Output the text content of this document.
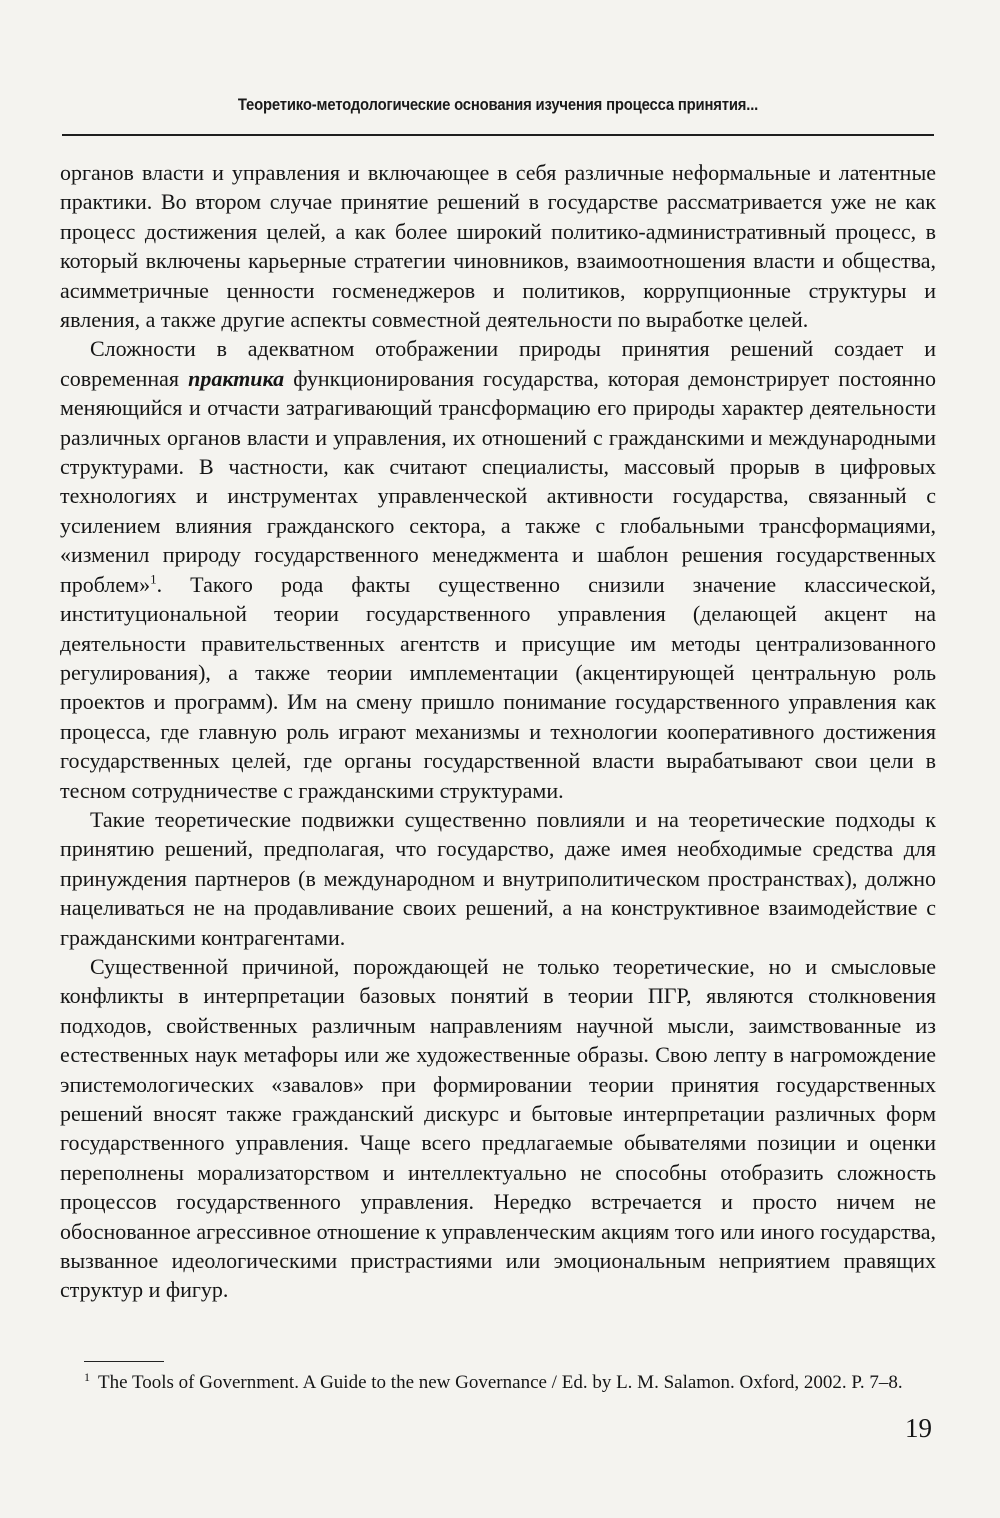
Теоретико-методологические основания изучения процесса принятия...

органов власти и управления и включающее в себя различные неформальные и латентные практики. Во втором случае принятие решений в государстве рассматривается уже не как процесс достижения целей, а как более широкий политико-административный процесс, в который включены карьерные стратегии чиновников, взаимоотношения власти и общества, асимметричные ценности госменеджеров и политиков, коррупционные структуры и явления, а также другие аспекты совместной деятельности по выработке целей.

Сложности в адекватном отображении природы принятия решений создает и современная практика функционирования государства, которая демонстрирует постоянно меняющийся и отчасти затрагивающий трансформацию его природы характер деятельности различных органов власти и управления, их отношений с гражданскими и международными структурами. В частности, как считают специалисты, массовый прорыв в цифровых технологиях и инструментах управленческой активности государства, связанный с усилением влияния гражданского сектора, а также с глобальными трансформациями, «изменил природу государственного менеджмента и шаблон решения государственных проблем»$^1$. Такого рода факты существенно снизили значение классической, институциональной теории государственного управления (делающей акцент на деятельности правительственных агентств и присущие им методы централизованного регулирования), а также теории имплементации (акцентирующей центральную роль проектов и программ). Им на смену пришло понимание государственного управления как процесса, где главную роль играют механизмы и технологии кооперативного достижения государственных целей, где органы государственной власти вырабатывают свои цели в тесном сотрудничестве с гражданскими структурами.

Такие теоретические подвижки существенно повлияли и на теоретические подходы к принятию решений, предполагая, что государство, даже имея необходимые средства для принуждения партнеров (в международном и внутриполитическом пространствах), должно нацеливаться не на продавливание своих решений, а на конструктивное взаимодействие с гражданскими контрагентами.

Существенной причиной, порождающей не только теоретические, но и смысловые конфликты в интерпретации базовых понятий в теории ПГР, являются столкновения подходов, свойственных различным направлениям научной мысли, заимствованные из естественных наук метафоры или же художественные образы. Свою лепту в нагромождение эпистемологических «завалов» при формировании теории принятия государственных решений вносят также гражданский дискурс и бытовые интерпретации различных форм государственного управления. Чаще всего предлагаемые обывателями позиции и оценки переполнены морализаторством и интеллектуально не способны отобразить сложность процессов государственного управления. Нередко встречается и просто ничем не обоснованное агрессивное отношение к управленческим акциям того или иного государства, вызванное идеологическими пристрастиями или эмоциональным неприятием правящих структур и фигур.

$^1$ The Tools of Government. A Guide to the new Governance / Ed. by L. M. Salamon. Oxford, 2002. P. 7–8.
19
